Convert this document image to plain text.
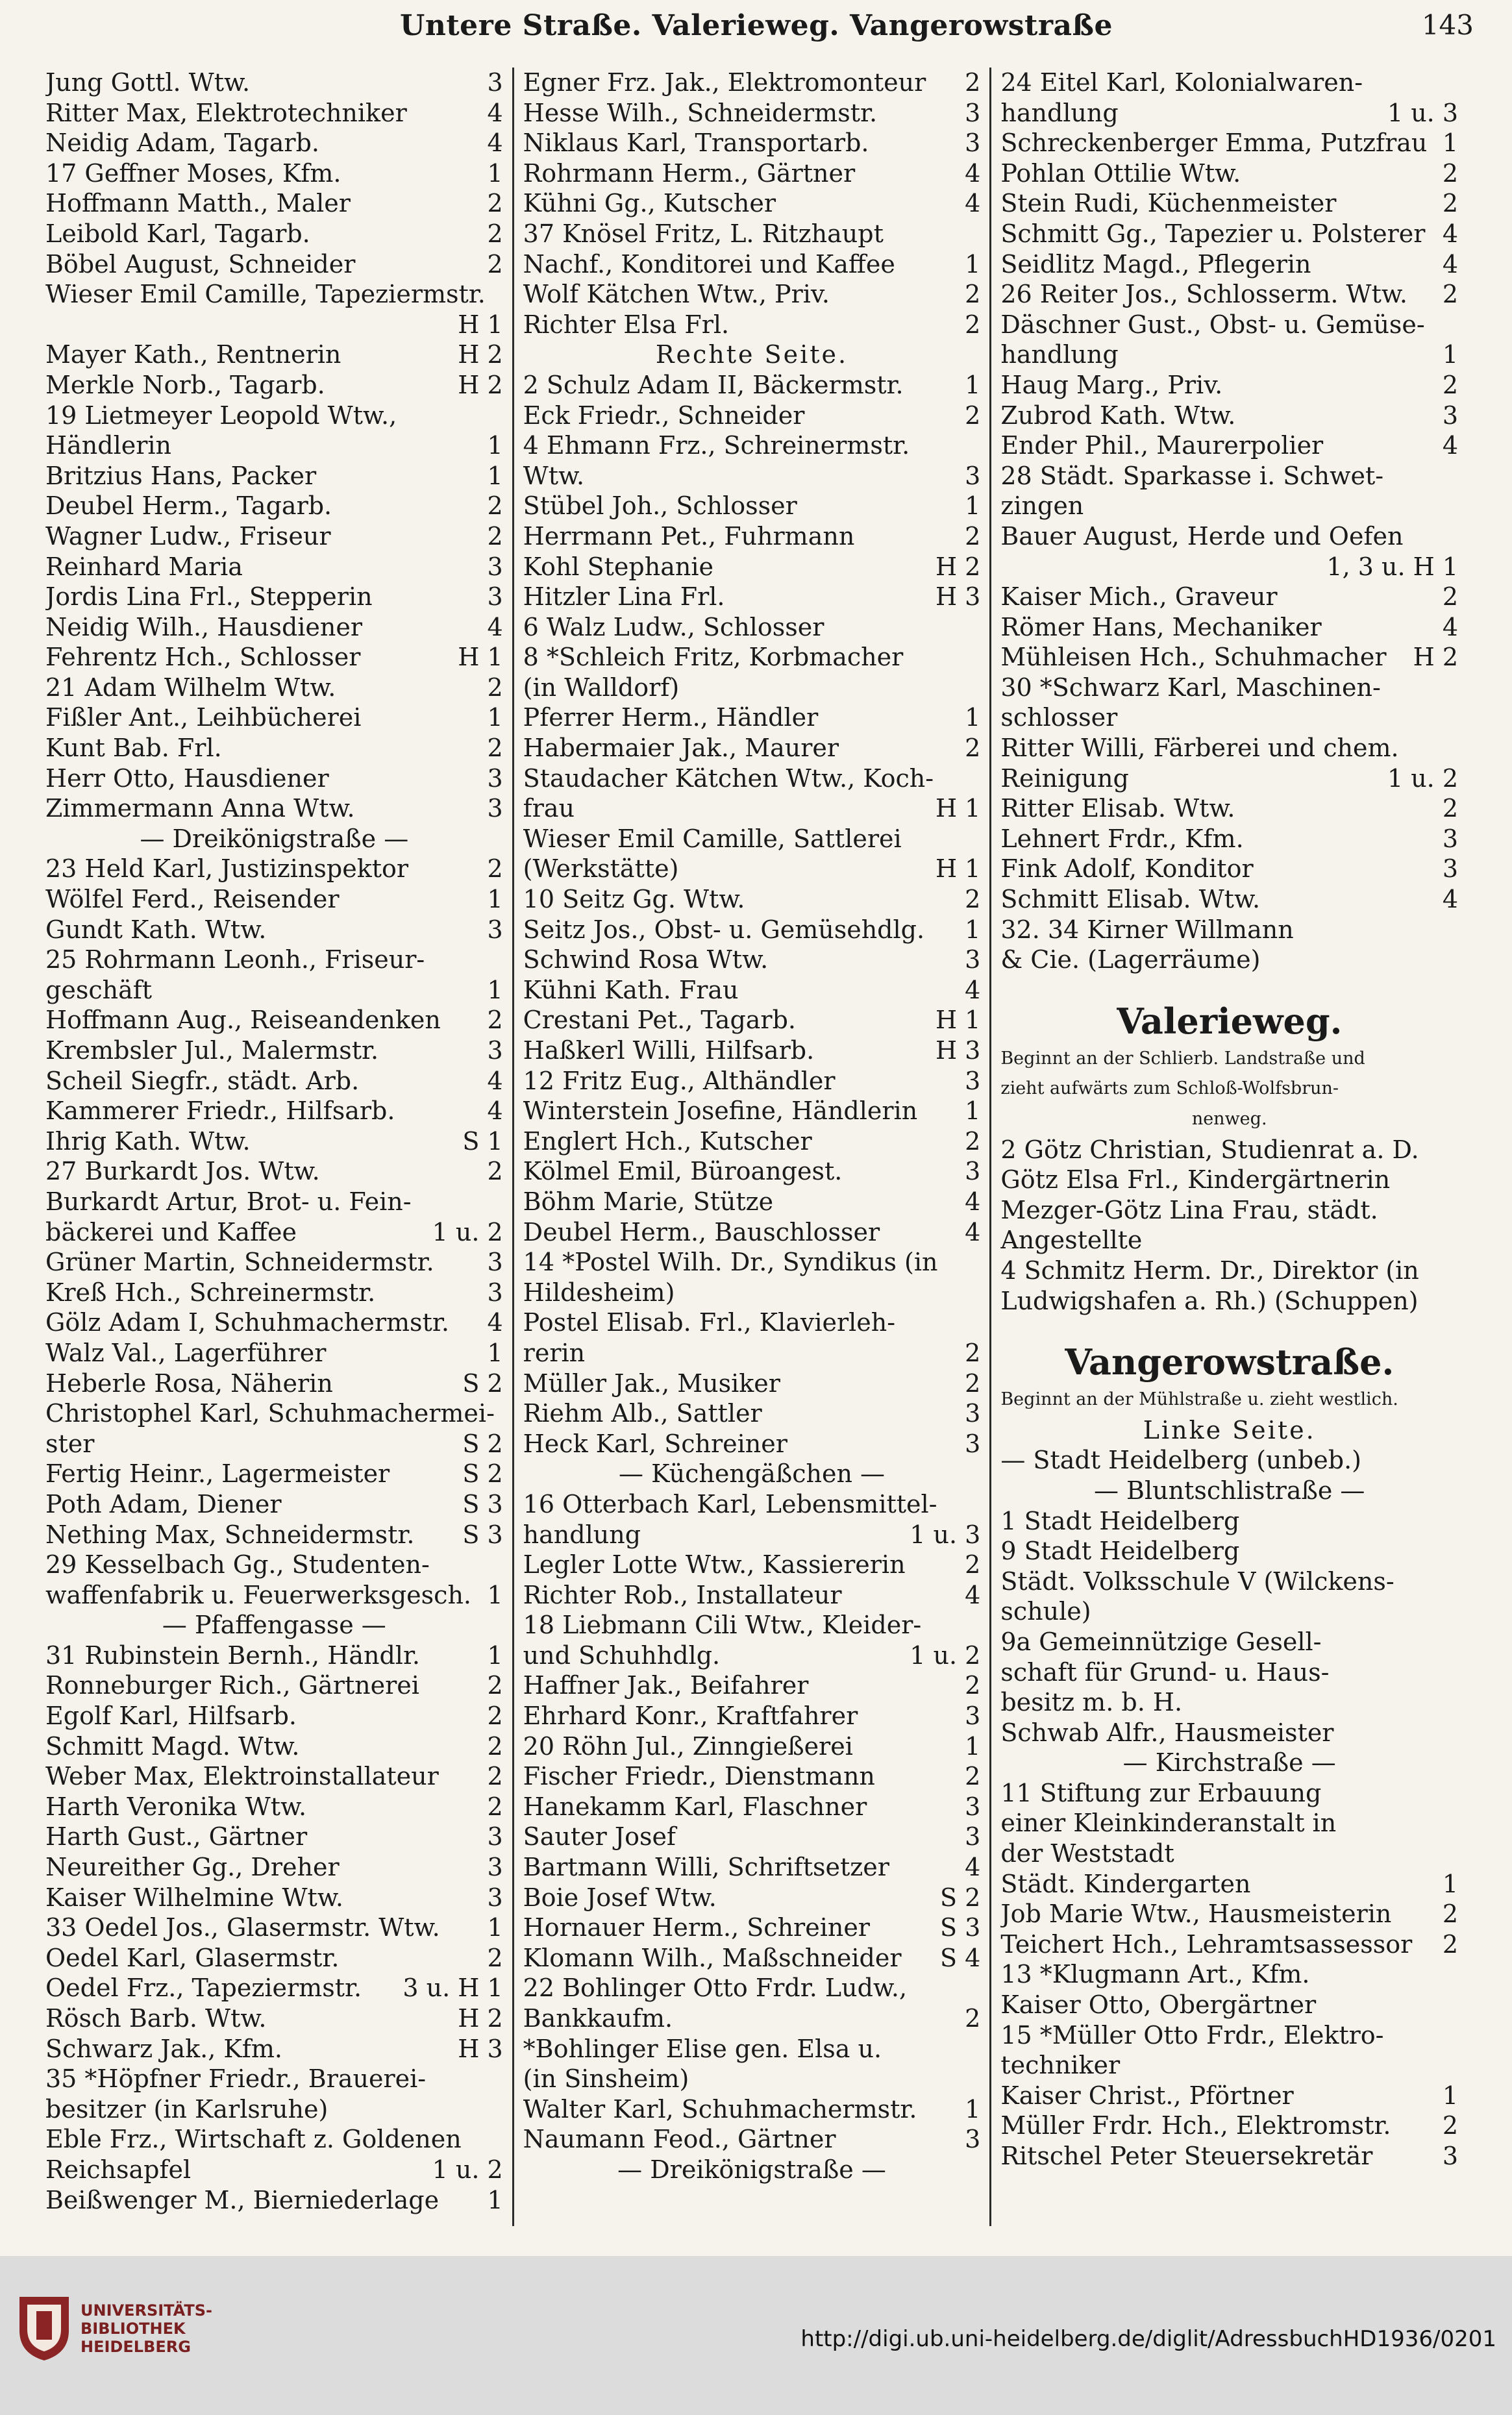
Untere Straße. Valerieweg. Vangerowstraße	143
Jung Gottl. Wtw.	3
Ritter Max, Elektrotechniker	4
Neidig Adam, Tagarb.	4
17 Geffner Moses, Kfm.	1
Hoffmann Matth., Maler	2
Leibold Karl, Tagarb.	2
Böbel August, Schneider	2
Wieser Emil Camille, Tapeziermstr.
H 1
Mayer Kath., Rentnerin	H 2
Merkle Norb., Tagarb.	H 2
19 Lietmeyer Leopold Wtw.,
Händlerin	1
Britzius Hans, Packer	1
Deubel Herm., Tagarb.	2
Wagner Ludw., Friseur	2
Reinhard Maria	3
Jordis Lina Frl., Stepperin	3
Neidig Wilh., Hausdiener	4
Fehrentz Hch., Schlosser	H 1
21 Adam Wilhelm Wtw.	2
Fißler Ant., Leihbücherei	1
Kunt Bab. Frl.	2
Herr Otto, Hausdiener	3
Zimmermann Anna Wtw.	3
— Dreikönigstraße —
23 Held Karl, Justizinspektor	2
Wölfel Ferd., Reisender	1
Gundt Kath. Wtw.	3
25 Rohrmann Leonh., Friseur-
geschäft	1
Hoffmann Aug., Reiseandenken	2
Krembsler Jul., Malermstr.	3
Scheil Siegfr., städt. Arb.	4
Kammerer Friedr., Hilfsarb.	4
Ihrig Kath. Wtw.	S 1
27 Burkardt Jos. Wtw.	2
Burkardt Artur, Brot- u. Fein-
bäckerei und Kaffee	1 u. 2
Grüner Martin, Schneidermstr.	3
Kreß Hch., Schreinermstr.	3
Gölz Adam I, Schuhmachermstr.	4
Walz Val., Lagerführer	1
Heberle Rosa, Näherin	S 2
Christophel Karl, Schuhmachermei-
ster	S 2
Fertig Heinr., Lagermeister	S 2
Poth Adam, Diener	S 3
Nething Max, Schneidermstr.	S 3
29 Kesselbach Gg., Studenten-
waffenfabrik u. Feuerwerksgesch. 1
— Pfaffengasse —
31 Rubinstein Bernh., Händlr.	1
Ronneburger Rich., Gärtnerei	2
Egolf Karl, Hilfsarb.	2
Schmitt Magd. Wtw.	2
Weber Max, Elektroinstallateur	2
Harth Veronika Wtw.	2
Harth Gust., Gärtner	3
Neureither Gg., Dreher	3
Kaiser Wilhelmine Wtw.	3
33 Oedel Jos., Glasermstr. Wtw.	1
Oedel Karl, Glasermstr.	2
Oedel Frz., Tapeziermstr.	3 u. H 1
Rösch Barb. Wtw.	H 2
Schwarz Jak., Kfm.	H 3
35 *Höpfner Friedr., Brauerei-
besitzer (in Karlsruhe)
Eble Frz., Wirtschaft z. Goldenen
Reichsapfel	1 u. 2
Beißwenger M., Bierniederlage	1
Egner Frz. Jak., Elektromonteur	2
Hesse Wilh., Schneidermstr.	3
Niklaus Karl, Transportarb.	3
Rohrmann Herm., Gärtner	4
Kühni Gg., Kutscher	4
37 Knösel Fritz, L. Ritzhaupt
Nachf., Konditorei und Kaffee	1
Wolf Kätchen Wtw., Priv.	2
Richter Elsa Frl.	2
Rechte Seite.
2 Schulz Adam II, Bäckermstr.	1
Eck Friedr., Schneider	2
4 Ehmann Frz., Schreinermstr.
Wtw.	3
Stübel Joh., Schlosser	1
Herrmann Pet., Fuhrmann	2
Kohl Stephanie	H 2
Hitzler Lina Frl.	H 3
6 Walz Ludw., Schlosser
8 *Schleich Fritz, Korbmacher
(in Walldorf)
Pferrer Herm., Händler	1
Habermaier Jak., Maurer	2
Staudacher Kätchen Wtw., Koch-
frau	H 1
Wieser Emil Camille, Sattlerei
(Werkstätte)	H 1
10 Seitz Gg. Wtw.	2
Seitz Jos., Obst- u. Gemüsehdlg.	1
Schwind Rosa Wtw.	3
Kühni Kath. Frau	4
Crestani Pet., Tagarb.	H 1
Haßkerl Willi, Hilfsarb.	H 3
12 Fritz Eug., Althändler	3
Winterstein Josefine, Händlerin	1
Englert Hch., Kutscher	2
Kölmel Emil, Büroangest.	3
Böhm Marie, Stütze	4
Deubel Herm., Bauschlosser	4
14 *Postel Wilh. Dr., Syndikus (in
Hildesheim)
Postel Elisab. Frl., Klavierleh-
rerin	2
Müller Jak., Musiker	2
Riehm Alb., Sattler	3
Heck Karl, Schreiner	3
— Küchengäßchen —
16 Otterbach Karl, Lebensmittel-
handlung	1 u. 3
Legler Lotte Wtw., Kassiererin	2
Richter Rob., Installateur	4
18 Liebmann Cili Wtw., Kleider-
und Schuhhdlg.	1 u. 2
Haffner Jak., Beifahrer	2
Ehrhard Konr., Kraftfahrer	3
20 Röhn Jul., Zinngießerei	1
Fischer Friedr., Dienstmann	2
Hanekamm Karl, Flaschner	3
Sauter Josef	3
Bartmann Willi, Schriftsetzer	4
Boie Josef Wtw.	S 2
Hornauer Herm., Schreiner	S 3
Klomann Wilh., Maßschneider	S 4
22 Bohlinger Otto Frdr. Ludw.,
Bankkaufm.	2
*Bohlinger Elise gen. Elsa u.
(in Sinsheim)
Walter Karl, Schuhmachermstr.	1
Naumann Feod., Gärtner	3
— Dreikönigstraße —
24 Eitel Karl, Kolonialwaren-
handlung	1 u. 3
Schreckenberger Emma, Putzfrau 1
Pohlan Ottilie Wtw.	2
Stein Rudi, Küchenmeister	2
Schmitt Gg., Tapezier u. Polsterer 4
Seidlitz Magd., Pflegerin	4
26 Reiter Jos., Schlosserm. Wtw.	2
Däschner Gust., Obst- u. Gemüse-
handlung	1
Haug Marg., Priv.	2
Zubrod Kath. Wtw.	3
Ender Phil., Maurerpolier	4
28 Städt. Sparkasse i. Schwet-
zingen
Bauer August, Herde und Oefen
1, 3 u. H 1
Kaiser Mich., Graveur	2
Römer Hans, Mechaniker	4
Mühleisen Hch., Schuhmacher	H 2
30 *Schwarz Karl, Maschinen-
schlosser
Ritter Willi, Färberei und chem.
Reinigung	1 u. 2
Ritter Elisab. Wtw.	2
Lehnert Frdr., Kfm.	3
Fink Adolf, Konditor	3
Schmitt Elisab. Wtw.	4
32. 34 Kirner Willmann
& Cie. (Lagerräume)
Valerieweg.
Beginnt an der Schlierb. Landstraße und
zieht aufwärts zum Schloß-Wolfsbrun-
nenweg.
2 Götz Christian, Studienrat a. D.
Götz Elsa Frl., Kindergärtnerin
Mezger-Götz Lina Frau, städt.
Angestellte
4 Schmitz Herm. Dr., Direktor (in
Ludwigshafen a. Rh.) (Schuppen)
Vangerowstraße.
Beginnt an der Mühlstraße u. zieht westlich.
Linke Seite.
— Stadt Heidelberg (unbeb.)
— Bluntschlistraße —
1 Stadt Heidelberg
9 Stadt Heidelberg
Städt. Volksschule V (Wilckens-
schule)
9a Gemeinnützige Gesell-
schaft für Grund- u. Haus-
besitz m. b. H.
Schwab Alfr., Hausmeister
— Kirchstraße —
11 Stiftung zur Erbauung
einer Kleinkinderanstalt in
der Weststadt
Städt. Kindergarten	1
Job Marie Wtw., Hausmeisterin	2
Teichert Hch., Lehramtsassessor	2
13 *Klugmann Art., Kfm.
Kaiser Otto, Obergärtner
15 *Müller Otto Frdr., Elektro-
techniker
Kaiser Christ., Pförtner	1
Müller Frdr. Hch., Elektromstr.	2
Ritschel Peter Steuersekretär	3
UNIVERSITÄTS-
BIBLIOTHEK
HEIDELBERG	http://digi.ub.uni-heidelberg.de/diglit/AdressbuchHD1936/0201
